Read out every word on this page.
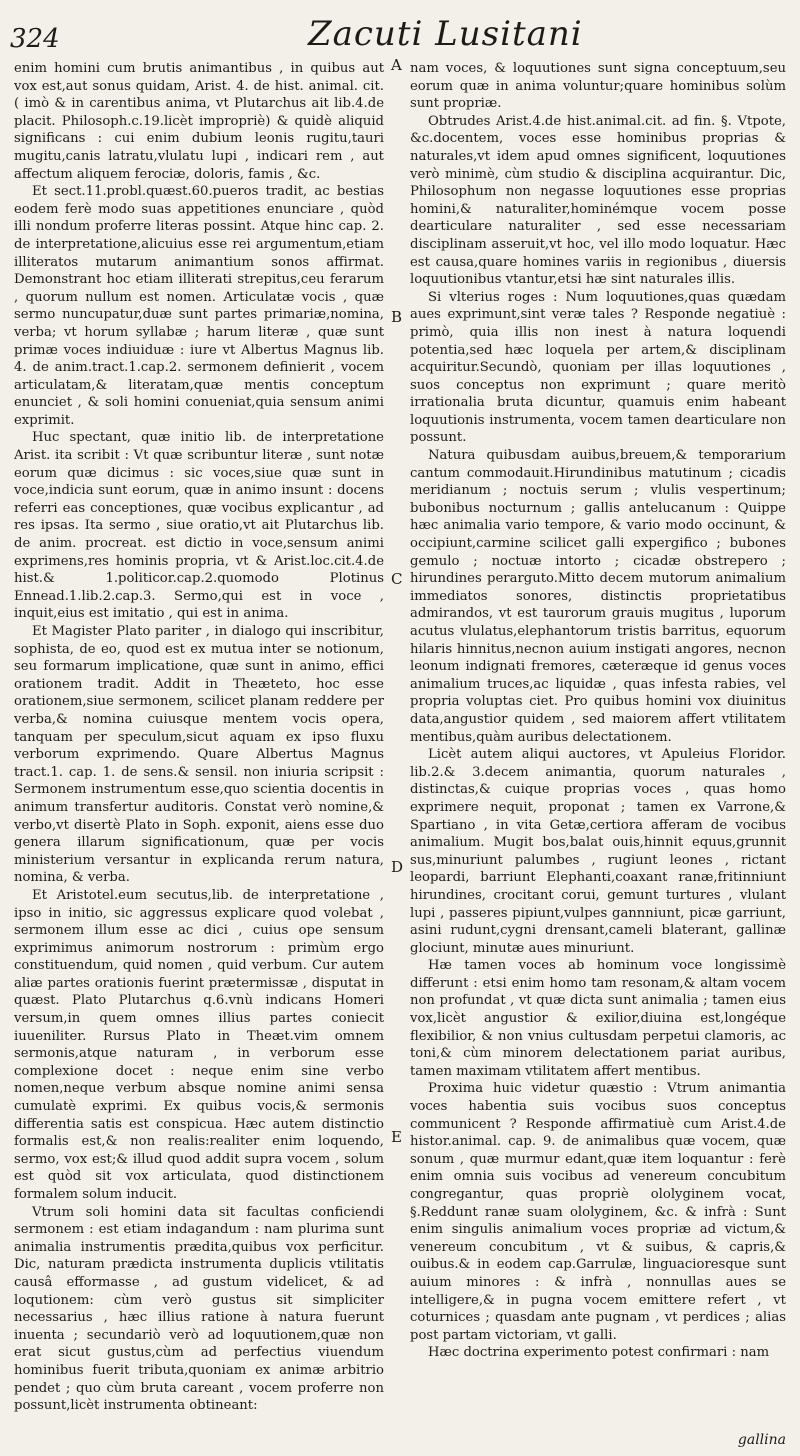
324	Zacuti Lusitani
A
B
C
D
E

enim homini cum brutis animantibus , in quibus aut vox est,aut sonus quidam, Arist. 4. de hist. animal. cit. ( imò & in carentibus anima, vt Plutarchus ait lib.4.de placit. Philosoph.c.19.licèt impropriè) & quidè aliquid significans : cui enim dubium leonis rugitu,tauri mugitu,canis latratu,vlulatu lupi , indicari rem , aut affectum aliquem ferociæ, doloris, famis , &c.

Et sect.11.probl.quæst.60.pueros tradit, ac bestias eodem ferè modo suas appetitiones enunciare , quòd illi nondum proferre literas possint. Atque hinc cap. 2. de interpretatione,alicuius esse rei argumentum,etiam illiteratos mutarum animantium sonos affirmat. Demonstrant hoc etiam illiterati strepitus,ceu ferarum , quorum nullum est nomen. Articulatæ vocis , quæ sermo nuncupatur,duæ sunt partes primariæ,nomina, verba; vt horum syllabæ ; harum literæ , quæ sunt primæ voces indiuiduæ : iure vt Albertus Magnus lib. 4. de anim.tract.1.cap.2. sermonem definierit , vocem articulatam,& literatam,quæ mentis conceptum enunciet , & soli homini conueniat,quia sensum animi exprimit.

Huc spectant, quæ initio lib. de interpretatione Arist. ita scribit : Vt quæ scribuntur literæ , sunt notæ eorum quæ dicimus : sic voces,siue quæ sunt in voce,indicia sunt eorum, quæ in animo insunt : docens referri eas conceptiones, quæ vocibus explicantur , ad res ipsas. Ita sermo , siue oratio,vt ait Plutarchus lib. de anim. procreat. est dictio in voce,sensum animi exprimens,res hominis propria, vt & Arist.loc.cit.4.de hist.& 1.politicor.cap.2.quomodo Plotinus Ennead.1.lib.2.cap.3. Sermo,qui est in voce , inquit,eius est imitatio , qui est in anima.

Et Magister Plato pariter , in dialogo qui inscribitur, sophista, de eo, quod est ex mutua inter se notionum, seu formarum implicatione, quæ sunt in animo, effici orationem tradit. Addit in Theæteto, hoc esse orationem,siue sermonem, scilicet planam reddere per verba,& nomina cuiusque mentem vocis opera, tanquam per speculum,sicut aquam ex ipso fluxu verborum exprimendo. Quare Albertus Magnus tract.1. cap. 1. de sens.& sensil. non iniuria scripsit : Sermonem instrumentum esse,quo scientia docentis in animum transfertur auditoris. Constat verò nomine,& verbo,vt disertè Plato in Soph. exponit, aiens esse duo genera illarum significationum, quæ per vocis ministerium versantur in explicanda rerum natura, nomina, & verba.

Et Aristotel.eum secutus,lib. de interpretatione , ipso in initio, sic aggressus explicare quod volebat , sermonem illum esse ac dici , cuius ope sensum exprimimus animorum nostrorum : primùm ergo constituendum, quid nomen , quid verbum. Cur autem aliæ partes orationis fuerint prætermissæ , disputat in quæst. Plato Plutarchus q.6.vnù indicans Homeri versum,in quem omnes illius partes coniecit iuueniliter. Rursus Plato in Theæt.vim omnem sermonis,atque naturam , in verborum esse complexione docet : neque enim sine verbo nomen,neque verbum absque nomine animi sensa cumulatè exprimi. Ex quibus vocis,& sermonis differentia satis est conspicua. Hæc autem distinctio formalis est,& non realis:realiter enim loquendo, sermo, vox est;& illud quod addit supra vocem , solum est quòd sit vox articulata, quod distinctionem formalem solum inducit.

Vtrum soli homini data sit facultas conficiendi sermonem : est etiam indagandum : nam plurima sunt animalia instrumentis prædita,quibus vox perficitur. Dic, naturam prædicta instrumenta duplicis vtilitatis causâ efformasse , ad gustum videlicet, & ad loqutionem: cùm verò gustus sit simpliciter necessarius , hæc illius ratione à natura fuerunt inuenta ; secundariò verò ad loquutionem,quæ non erat sicut gustus,cùm ad perfectius viuendum hominibus fuerit tributa,quoniam ex animæ arbitrio pendet ; quo cùm bruta careant , vocem proferre non possunt,licèt instrumenta obtineant:

nam voces, & loquutiones sunt signa conceptuum,seu eorum quæ in anima voluntur;quare hominibus solùm sunt propriæ.

Obtrudes Arist.4.de hist.animal.cit. ad fin. §. Vtpote, &c.docentem, voces esse hominibus proprias & naturales,vt idem apud omnes significent, loquutiones verò minimè, cùm studio & disciplina acquirantur. Dic, Philosophum non negasse loquutiones esse proprias homini,& naturaliter,hominémque vocem posse dearticulare naturaliter , sed esse necessariam disciplinam asseruit,vt hoc, vel illo modo loquatur. Hæc est causa,quare homines variis in regionibus , diuersis loquutionibus vtantur,etsi hæ sint naturales illis.

Si vlterius roges : Num loquutiones,quas quædam aues exprimunt,sint veræ tales ? Responde negatiuè : primò, quia illis non inest à natura loquendi potentia,sed hæc loquela per artem,& disciplinam acquiritur.Secundò, quoniam per illas loquutiones , suos conceptus non exprimunt ; quare meritò irrationalia bruta dicuntur, quamuis enim habeant loquutionis instrumenta, vocem tamen dearticulare non possunt.

Natura quibusdam auibus,breuem,& temporarium cantum commodauit.Hirundinibus matutinum ; cicadis meridianum ; noctuis serum ; vlulis vespertinum; bubonibus nocturnum ; gallis antelucanum : Quippe hæc animalia vario tempore, & vario modo occinunt, & occipiunt,carmine scilicet galli expergifico ; bubones gemulo ; noctuæ intorto ; cicadæ obstrepero ; hirundines perarguto.Mitto decem mutorum animalium immediatos sonores, distinctis proprietatibus admirandos, vt est taurorum grauis mugitus , luporum acutus vlulatus,elephantorum tristis barritus, equorum hilaris hinnitus,necnon auium instigati angores, necnon leonum indignati fremores, cæteræque id genus voces animalium truces,ac liquidæ , quas infesta rabies, vel propria voluptas ciet. Pro quibus homini vox diuinitus data,angustior quidem , sed maiorem affert vtilitatem mentibus,quàm auribus delectationem.

Licèt autem aliqui auctores, vt Apuleius Floridor. lib.2.& 3.decem animantia, quorum naturales , distinctas,& cuique proprias voces , quas homo exprimere nequit, proponat ; tamen ex Varrone,& Spartiano , in vita Getæ,certiora afferam de vocibus animalium. Mugit bos,balat ouis,hinnit equus,grunnit sus,minuriunt palumbes , rugiunt leones , rictant leopardi, barriunt Elephanti,coaxant ranæ,fritinniunt hirundines, crocitant corui, gemunt turtures , vlulant lupi , passeres pipiunt,vulpes gannniunt, picæ garriunt, asini rudunt,cygni drensant,cameli blaterant, gallinæ glociunt, minutæ aues minuriunt.

Hæ tamen voces ab hominum voce longissimè differunt : etsi enim homo tam resonam,& altam vocem non profundat , vt quæ dicta sunt animalia ; tamen eius vox,licèt angustior & exilior,diuina est,longéque flexibilior, & non vnius cultusdam perpetui clamoris, ac toni,& cùm minorem delectationem pariat auribus, tamen maximam vtilitatem affert mentibus.

Proxima huic videtur quæstio : Vtrum animantia voces habentia suis vocibus suos conceptus communicent ? Responde affirmatiuè cum Arist.4.de histor.animal. cap. 9. de animalibus quæ vocem, quæ sonum , quæ murmur edant,quæ item loquantur : ferè enim omnia suis vocibus ad venereum concubitum congregantur, quas propriè ololyginem vocat, §.Reddunt ranæ suam ololyginem, &c. & infrà : Sunt enim singulis animalium voces propriæ ad victum,& venereum concubitum , vt & suibus, & capris,& ouibus.& in eodem cap.Garrulæ, linguacioresque sunt auium minores : & infrà , nonnullas aues se intelligere,& in pugna vocem emittere refert , vt coturnices ; quasdam ante pugnam , vt perdices ; alias post partam victoriam, vt galli.

Hæc doctrina experimento potest confirmari : nam

gallina
